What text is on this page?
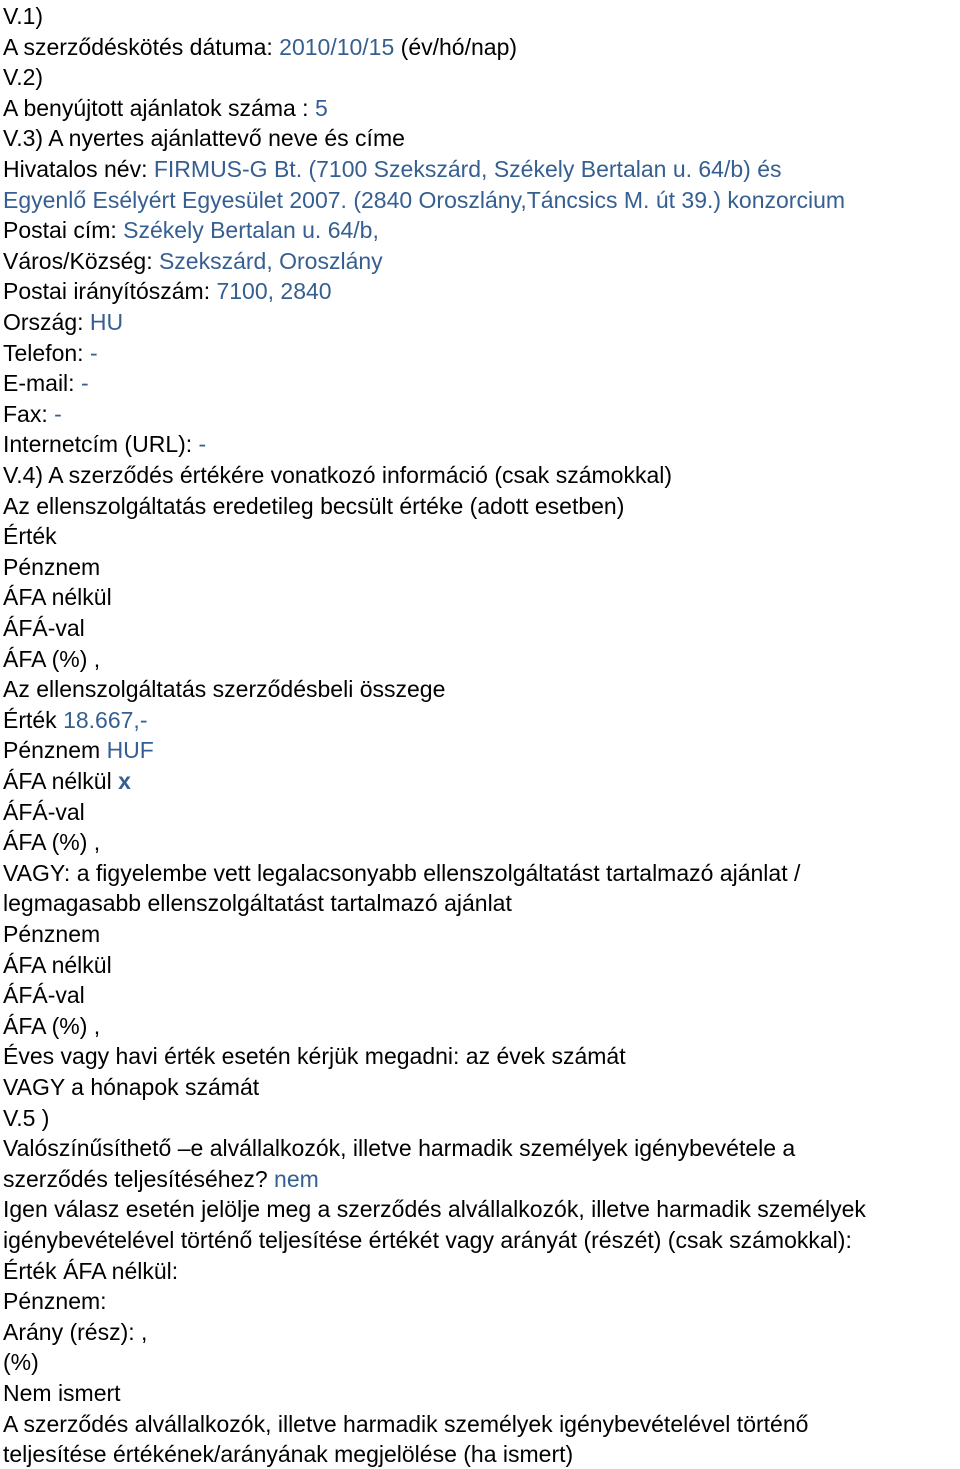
V.1)
A szerződéskötés dátuma: 2010/10/15 (év/hó/nap)
V.2)
A benyújtott ajánlatok száma : 5
V.3) A nyertes ajánlattevő neve és címe
Hivatalos név: FIRMUS-G Bt. (7100 Szekszárd, Székely Bertalan u. 64/b) és
Egyenlő Esélyért Egyesület 2007. (2840 Oroszlány,Táncsics M. út 39.) konzorcium
Postai cím: Székely Bertalan u. 64/b,
Város/Község: Szekszárd, Oroszlány
Postai irányítószám: 7100, 2840
Ország: HU
Telefon: -
E-mail: -
Fax: -
Internetcím (URL): -
V.4) A szerződés értékére vonatkozó információ (csak számokkal)
Az ellenszolgáltatás eredetileg becsült értéke (adott esetben)
Érték
Pénznem
ÁFA nélkül
ÁFÁ-val
ÁFA (%) ,
Az ellenszolgáltatás szerződésbeli összege
Érték 18.667,-
Pénznem HUF
ÁFA nélkül x
ÁFÁ-val
ÁFA (%) ,
VAGY: a figyelembe vett legalacsonyabb ellenszolgáltatást tartalmazó ajánlat /
legmagasabb ellenszolgáltatást tartalmazó ajánlat
Pénznem
ÁFA nélkül
ÁFÁ-val
ÁFA (%) ,
Éves vagy havi érték esetén kérjük megadni: az évek számát
VAGY a hónapok számát
V.5 )
Valószínűsíthető –e alvállalkozók, illetve harmadik személyek igénybevétele a
szerződés teljesítéséhez? nem
Igen válasz esetén jelölje meg a szerződés alvállalkozók, illetve harmadik személyek
igénybevételével történő teljesítése értékét vagy arányát (részét) (csak számokkal):
Érték ÁFA nélkül:
Pénznem:
Arány (rész): ,
(%)
Nem ismert
A szerződés alvállalkozók, illetve harmadik személyek igénybevételével történő
teljesítése értékének/arányának megjelölése (ha ismert)
